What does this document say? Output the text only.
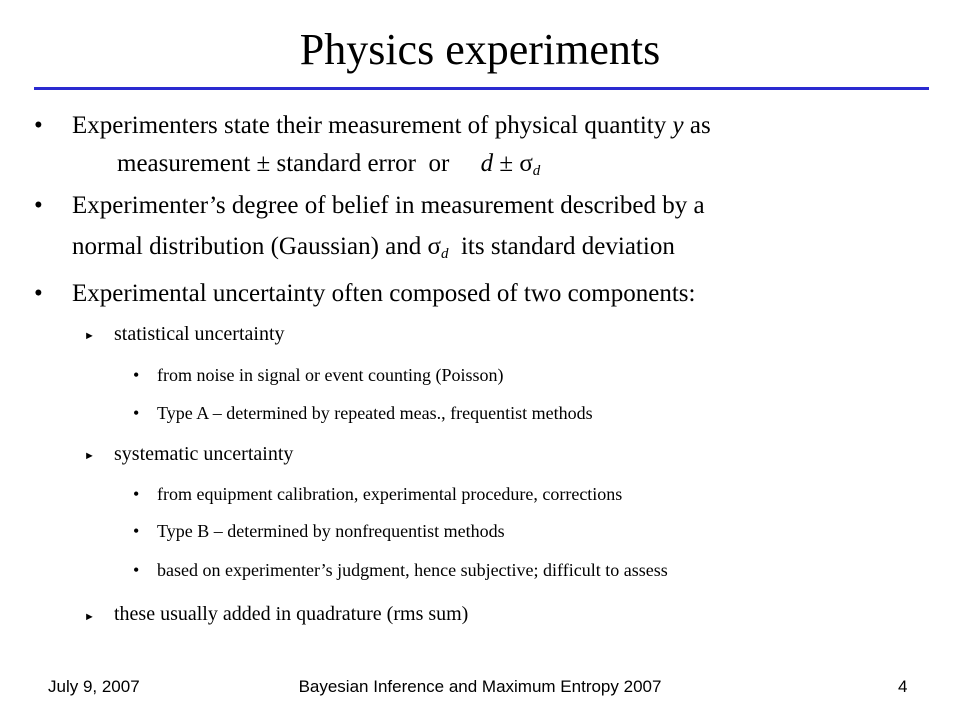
Physics experiments
• Experimenters state their measurement of physical quantity y as
measurement ± standard error  or     $d \pm \sigma_d$
• Experimenter’s degree of belief in measurement described by a
normal distribution (Gaussian) and $\sigma_d$  its standard deviation
• Experimental uncertainty often composed of two components:
► statistical uncertainty
• from noise in signal or event counting (Poisson)
• Type A – determined by repeated meas., frequentist methods
► systematic uncertainty
• from equipment calibration, experimental procedure, corrections
• Type B – determined by nonfrequentist methods
• based on experimenter’s judgment, hence subjective; difficult to assess
► these usually added in quadrature (rms sum)
July 9, 2007	Bayesian Inference and Maximum Entropy 2007	4
